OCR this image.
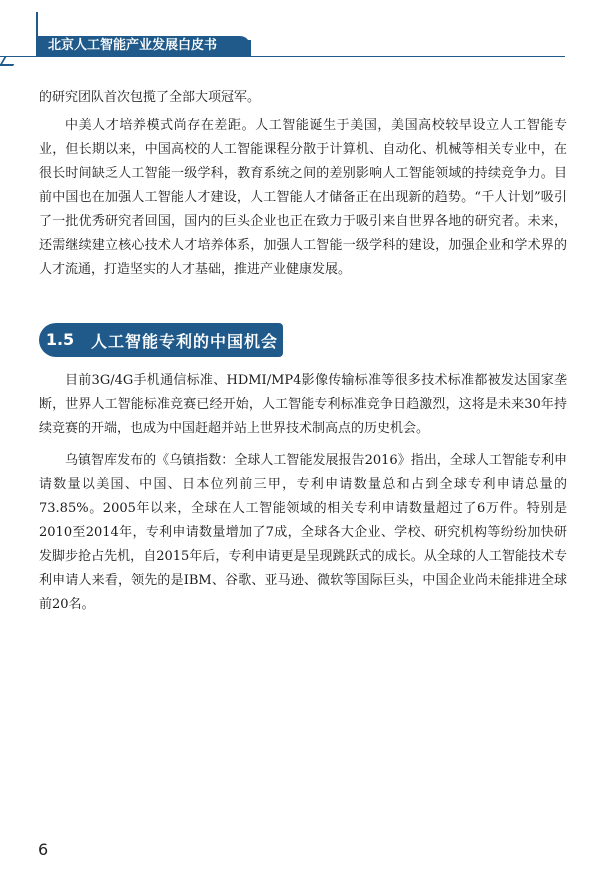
北京人工智能产业发展白皮书

的研究团队首次包揽了全部大项冠军。

中美人才培养模式尚存在差距。人工智能诞生于美国，美国高校较早设立人工智能专业，但长期以来，中国高校的人工智能课程分散于计算机、自动化、机械等相关专业中，在很长时间缺乏人工智能一级学科，教育系统之间的差别影响人工智能领域的持续竞争力。目前中国也在加强人工智能人才建设，人工智能人才储备正在出现新的趋势。“千人计划”吸引了一批优秀研究者回国，国内的巨头企业也正在致力于吸引来自世界各地的研究者。未来，还需继续建立核心技术人才培养体系，加强人工智能一级学科的建设，加强企业和学术界的人才流通，打造坚实的人才基础，推进产业健康发展。

1.5	人工智能专利的中国机会

目前3G/4G手机通信标准、HDMI/MP4影像传输标准等很多技术标准都被发达国家垄断，世界人工智能标准竞赛已经开始，人工智能专利标准竞争日趋激烈，这将是未来30年持续竞赛的开端，也成为中国赶超并站上世界技术制高点的历史机会。

乌镇智库发布的《乌镇指数：全球人工智能发展报告2016》指出，全球人工智能专利申请数量以美国、中国、日本位列前三甲，专利申请数量总和占到全球专利申请总量的73.85%。2005年以来，全球在人工智能领域的相关专利申请数量超过了6万件。特别是2010至2014年，专利申请数量增加了7成，全球各大企业、学校、研究机构等纷纷加快研发脚步抢占先机，自2015年后，专利申请更是呈现跳跃式的成长。从全球的人工智能技术专利申请人来看，领先的是IBM、谷歌、亚马逊、微软等国际巨头，中国企业尚未能排进全球前20名。

6
